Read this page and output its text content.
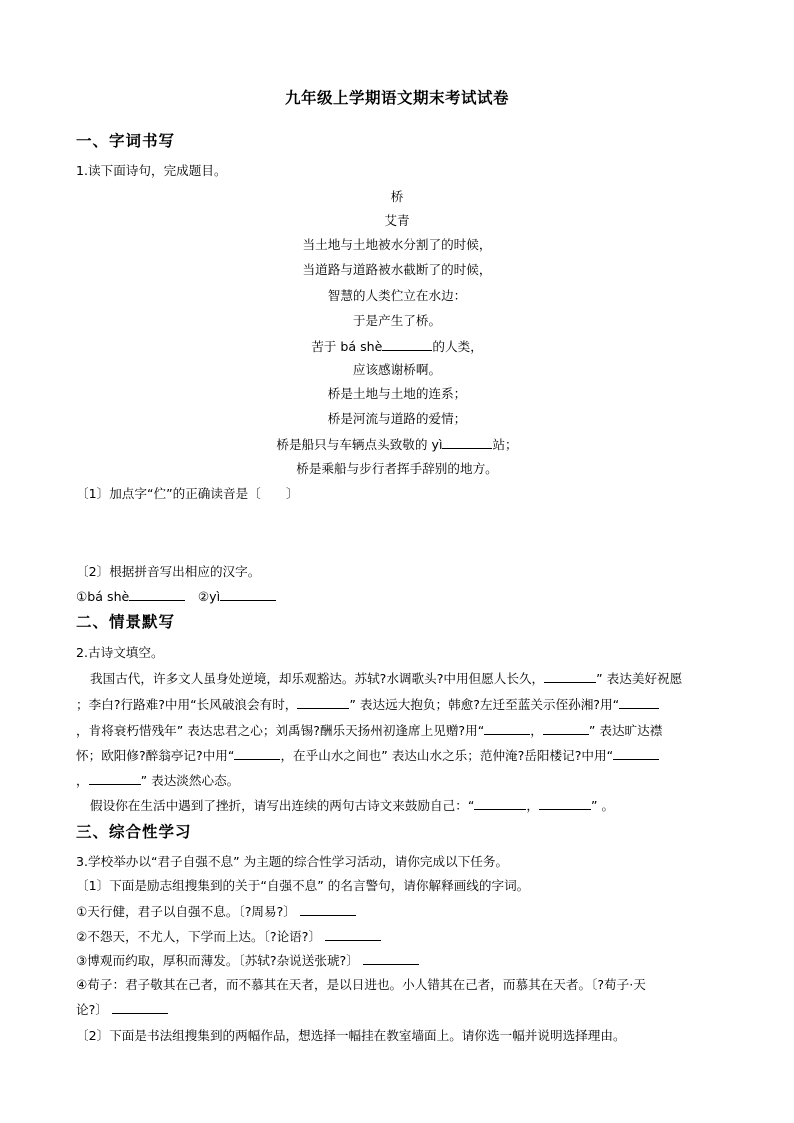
九年级上学期语文期末考试试卷
一、字词书写
1.读下面诗句，完成题目。
桥
艾青
当土地与土地被水分割了的时候，
当道路与道路被水截断了的时候，
智慧的人类伫立在水边：
于是产生了桥。
苦于 bá shè	的人类，
应该感谢桥啊。
桥是土地与土地的连系；
桥是河流与道路的爱情；
桥是船只与车辆点头致敬的 yì	站；
桥是乘船与步行者挥手辞别的地方。
〔1〕加点字“伫”的正确读音是〔　　〕
〔2〕根据拼音写出相应的汉字。
①bá shè 	②yì
二、情景默写
2.古诗文填空。
我国古代，许多文人虽身处逆境，却乐观豁达。苏轼?水调歌头?中用但愿人长久，	” 表达美好祝愿
；李白?行路难?中用“长风破浪会有时，	” 表达远大抱负；韩愈?左迁至蓝关示侄孙湘?用“
，肯将衰朽惜残年” 表达忠君之心；刘禹锡?酬乐天扬州初逢席上见赠?用“	，	” 表达旷达襟
怀；欧阳修?醉翁亭记?中用“	，在乎山水之间也” 表达山水之乐；范仲淹?岳阳楼记?中用“
，	” 表达淡然心态。
假设你在生活中遇到了挫折，请写出连续的两句古诗文来鼓励自己：“	，	” 。
三、综合性学习
3.学校举办以“君子自强不息” 为主题的综合性学习活动，请你完成以下任务。
〔1〕下面是励志组搜集到的关于“自强不息” 的名言警句，请你解释画线的字词。
①天行健，君子以自强不息。〔?周易?〕
②不怨天，不尤人，下学而上达。〔?论语?〕
③博观而约取，厚积而薄发。〔苏轼?杂说送张琥?〕
④荀子：君子敬其在己者，而不慕其在天者，是以日进也。小人错其在己者，而慕其在天者。〔?荀子·天
论?〕
〔2〕下面是书法组搜集到的两幅作品，想选择一幅挂在教室墙面上。请你选一幅并说明选择理由。
